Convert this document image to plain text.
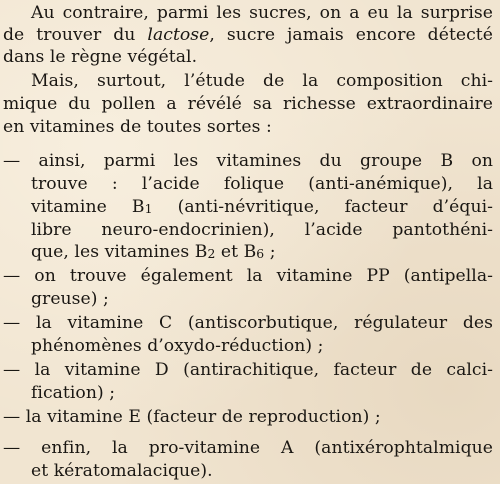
Au contraire, parmi les sucres, on a eu la surprise
de trouver du lactose, sucre jamais encore détecté
dans le règne végétal.
Mais, surtout, l’étude de la composition chi-
mique du pollen a révélé sa richesse extraordinaire
en vitamines de toutes sortes :
— ainsi, parmi les vitamines du groupe B on
trouve : l’acide folique (anti-anémique), la
vitamine $B_1$ (anti-névritique, facteur d’équi-
libre neuro-endocrinien), l’acide pantothéni-
que, les vitamines $B_2$ et $B_6$ ;
— on trouve également la vitamine PP (antipella-
greuse) ;
— la vitamine C (antiscorbutique, régulateur des
phénomènes d’oxydo-réduction) ;
— la vitamine D (antirachitique, facteur de calci-
fication) ;
— la vitamine E (facteur de reproduction) ;
— enfin, la pro-vitamine A (antixérophtalmique
et kératomalacique).
